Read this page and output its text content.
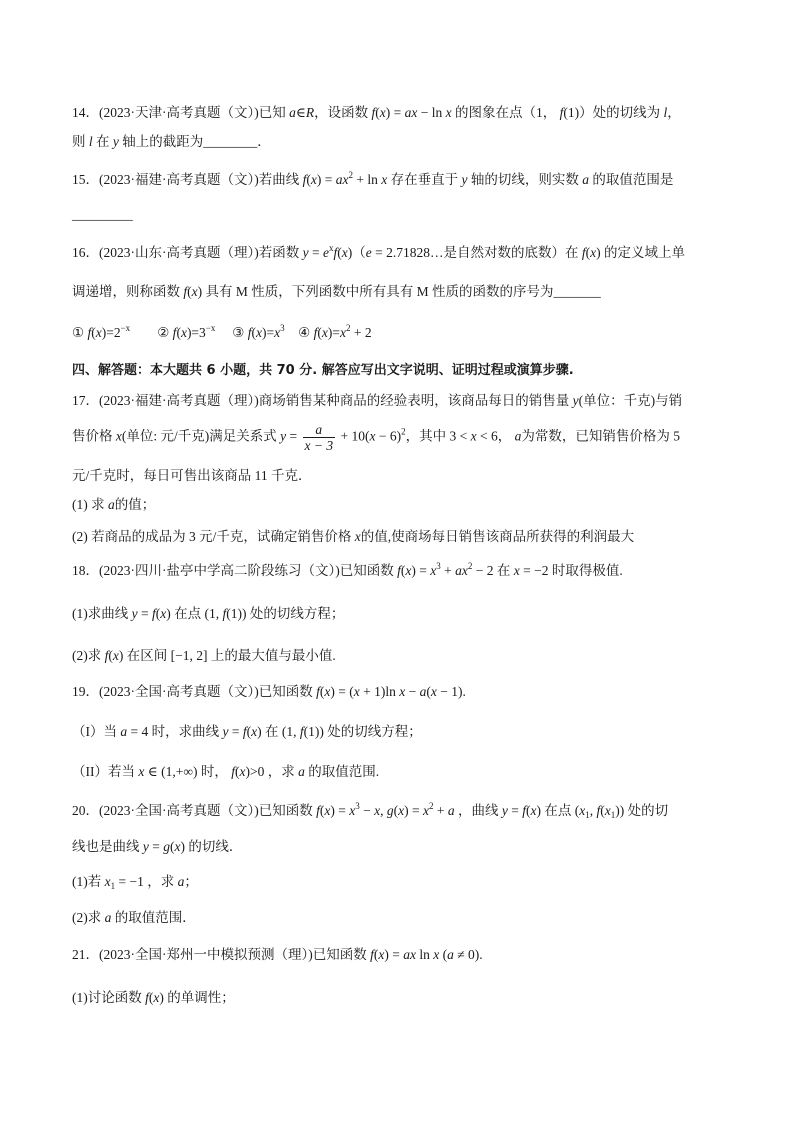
14．(2023·天津·高考真题（文）)已知 a∈R，设函数 f(x) = ax − ln x 的图象在点（1， f(1)）处的切线为 l，
则 l 在 y 轴上的截距为________．
15．(2023·福建·高考真题（文）)若曲线 $f(x) = ax^2 + \ln x$ 存在垂直于 y 轴的切线，则实数 a 的取值范围是
_________
16．(2023·山东·高考真题（理）)若函数 $y = e^xf(x)(e$ = 2.71828…是自然对数的底数）在 f(x) 的定义域上单
调递增，则称函数 f(x) 具有 M 性质，下列函数中所有具有 M 性质的函数的序号为_______
① $f(x)=2^{-x}$        ② $f(x)=3^{-x}$     ③ $f(x)=x^3$    ④ $f(x)=x^2 + 2$
四、解答题：本大题共 6 小题，共 70 分. 解答应写出文字说明、证明过程或演算步骤.
17．(2023·福建·高考真题（理）)商场销售某种商品的经验表明，该商品每日的销售量 y(单位：千克)与销
售价格 x(单位: 元/千克)满足关系式 $y = \frac{a}{x - 3} + 10(x - 6)^2$，其中 3 < x < 6， a为常数，已知销售价格为 5
元/千克时，每日可售出该商品 11 千克．
(1) 求 a的值；
(2) 若商品的成品为 3 元/千克，试确定销售价格 x的值,使商场每日销售该商品所获得的利润最大
18．(2023·四川·盐亭中学高二阶段练习（文）)已知函数 $f(x) = x^3 + ax^2 - 2$ 在 x = −2 时取得极值.
(1)求曲线 y = f(x) 在点 (1, f(1)) 处的切线方程；
(2)求 f(x) 在区间 [−1, 2] 上的最大值与最小值.
19．(2023·全国·高考真题（文）)已知函数 f(x) = (x + 1)ln x − a(x − 1).
（I）当 a = 4 时，求曲线 y = f(x) 在 (1, f(1)) 处的切线方程；
（II）若当 x ∈ (1,+∞) 时， f(x)>0 ，求 a 的取值范围.
20．(2023·全国·高考真题（文）)已知函数 $f(x) = x^3 - x$, $g(x) = x^2 + a$ ，曲线 y = f(x) 在点 ($x_1$, $f(x_1)$) 处的切
线也是曲线 y = g(x) 的切线．
(1)若 $x_1 = -1$ ，求 a；
(2)求 a 的取值范围．
21．(2023·全国·郑州一中模拟预测（理）)已知函数 f(x) = ax ln x (a ≠ 0).
(1)讨论函数 f(x) 的单调性；
